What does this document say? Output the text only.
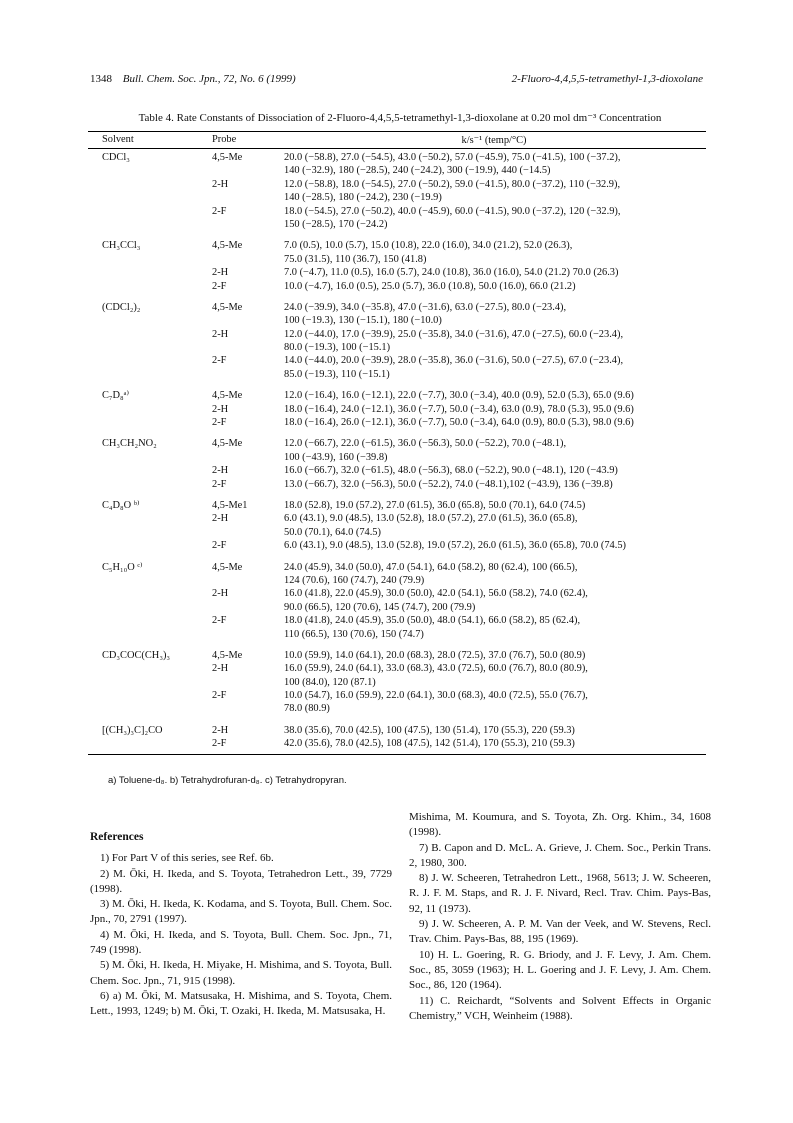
1348 Bull. Chem. Soc. Jpn., 72, No. 6 (1999)	2-Fluoro-4,4,5,5-tetramethyl-1,3-dioxolane
Table 4. Rate Constants of Dissociation of 2-Fluoro-4,4,5,5-tetramethyl-1,3-dioxolane at 0.20 mol dm⁻³ Concentration
Solvent	Probe	k/s⁻¹ (temp/°C)
CDCl₃	4,5-Me	20.0 (−58.8), 27.0 (−54.5), 43.0 (−50.2), 57.0 (−45.9), 75.0 (−41.5), 100 (−37.2),
140 (−32.9), 180 (−28.5), 240 (−24.2), 300 (−19.9), 440 (−14.5)
2-H	12.0 (−58.8), 18.0 (−54.5), 27.0 (−50.2), 59.0 (−41.5), 80.0 (−37.2), 110 (−32.9),
140 (−28.5), 180 (−24.2), 230 (−19.9)
2-F	18.0 (−54.5), 27.0 (−50.2), 40.0 (−45.9), 60.0 (−41.5), 90.0 (−37.2), 120 (−32.9),
150 (−28.5), 170 (−24.2)
CH₃CCl₃	4,5-Me	7.0 (0.5), 10.0 (5.7), 15.0 (10.8), 22.0 (16.0), 34.0 (21.2), 52.0 (26.3),
75.0 (31.5), 110 (36.7), 150 (41.8)
2-H	7.0 (−4.7), 11.0 (0.5), 16.0 (5.7), 24.0 (10.8), 36.0 (16.0), 54.0 (21.2) 70.0 (26.3)
2-F	10.0 (−4.7), 16.0 (0.5), 25.0 (5.7), 36.0 (10.8), 50.0 (16.0), 66.0 (21.2)
(CDCl₂)₂	4,5-Me	24.0 (−39.9), 34.0 (−35.8), 47.0 (−31.6), 63.0 (−27.5), 80.0 (−23.4),
100 (−19.3), 130 (−15.1), 180 (−10.0)
2-H	12.0 (−44.0), 17.0 (−39.9), 25.0 (−35.8), 34.0 (−31.6), 47.0 (−27.5), 60.0 (−23.4),
80.0 (−19.3), 100 (−15.1)
2-F	14.0 (−44.0), 20.0 (−39.9), 28.0 (−35.8), 36.0 (−31.6), 50.0 (−27.5), 67.0 (−23.4),
85.0 (−19.3), 110 (−15.1)
C₇D₈ᵃ⁾	4,5-Me	12.0 (−16.4), 16.0 (−12.1), 22.0 (−7.7), 30.0 (−3.4), 40.0 (0.9), 52.0 (5.3), 65.0 (9.6)
2-H	18.0 (−16.4), 24.0 (−12.1), 36.0 (−7.7), 50.0 (−3.4), 63.0 (0.9), 78.0 (5.3), 95.0 (9.6)
2-F	18.0 (−16.4), 26.0 (−12.1), 36.0 (−7.7), 50.0 (−3.4), 64.0 (0.9), 80.0 (5.3), 98.0 (9.6)
CH₃CH₂NO₂	4,5-Me	12.0 (−66.7), 22.0 (−61.5), 36.0 (−56.3), 50.0 (−52.2), 70.0 (−48.1),
100 (−43.9), 160 (−39.8)
2-H	16.0 (−66.7), 32.0 (−61.5), 48.0 (−56.3), 68.0 (−52.2), 90.0 (−48.1), 120 (−43.9)
2-F	13.0 (−66.7), 32.0 (−56.3), 50.0 (−52.2), 74.0 (−48.1),102 (−43.9), 136 (−39.8)
C₄D₈O ᵇ⁾	4,5-Me1	18.0 (52.8), 19.0 (57.2), 27.0 (61.5), 36.0 (65.8), 50.0 (70.1), 64.0 (74.5)
2-H	6.0 (43.1), 9.0 (48.5), 13.0 (52.8), 18.0 (57.2), 27.0 (61.5), 36.0 (65.8),
50.0 (70.1), 64.0 (74.5)
2-F	6.0 (43.1), 9.0 (48.5), 13.0 (52.8), 19.0 (57.2), 26.0 (61.5), 36.0 (65.8), 70.0 (74.5)
C₅H₁₀O ᶜ⁾	4,5-Me	24.0 (45.9), 34.0 (50.0), 47.0 (54.1), 64.0 (58.2), 80 (62.4), 100 (66.5),
124 (70.6), 160 (74.7), 240 (79.9)
2-H	16.0 (41.8), 22.0 (45.9), 30.0 (50.0), 42.0 (54.1), 56.0 (58.2), 74.0 (62.4),
90.0 (66.5), 120 (70.6), 145 (74.7), 200 (79.9)
2-F	18.0 (41.8), 24.0 (45.9), 35.0 (50.0), 48.0 (54.1), 66.0 (58.2), 85 (62.4),
110 (66.5), 130 (70.6), 150 (74.7)
CD₃COC(CH₃)₃	4,5-Me	10.0 (59.9), 14.0 (64.1), 20.0 (68.3), 28.0 (72.5), 37.0 (76.7), 50.0 (80.9)
2-H	16.0 (59.9), 24.0 (64.1), 33.0 (68.3), 43.0 (72.5), 60.0 (76.7), 80.0 (80.9),
100 (84.0), 120 (87.1)
2-F	10.0 (54.7), 16.0 (59.9), 22.0 (64.1), 30.0 (68.3), 40.0 (72.5), 55.0 (76.7),
78.0 (80.9)
[(CH₃)₃C]₂CO	2-H	38.0 (35.6), 70.0 (42.5), 100 (47.5), 130 (51.4), 170 (55.3), 220 (59.3)
2-F	42.0 (35.6), 78.0 (42.5), 108 (47.5), 142 (51.4), 170 (55.3), 210 (59.3)
a) Toluene-d₈. b) Tetrahydrofuran-d₈. c) Tetrahydropyran.
References

1) For Part V of this series, see Ref. 6b.

2) M. Ōki, H. Ikeda, and S. Toyota, Tetrahedron Lett., 39, 7729 (1998).

3) M. Ōki, H. Ikeda, K. Kodama, and S. Toyota, Bull. Chem. Soc. Jpn., 70, 2791 (1997).

4) M. Ōki, H. Ikeda, and S. Toyota, Bull. Chem. Soc. Jpn., 71, 749 (1998).

5) M. Ōki, H. Ikeda, H. Miyake, H. Mishima, and S. Toyota, Bull. Chem. Soc. Jpn., 71, 915 (1998).

6) a) M. Ōki, M. Matsusaka, H. Mishima, and S. Toyota, Chem. Lett., 1993, 1249; b) M. Ōki, T. Ozaki, H. Ikeda, M. Matsusaka, H.

Mishima, M. Koumura, and S. Toyota, Zh. Org. Khim., 34, 1608 (1998).

7) B. Capon and D. McL. A. Grieve, J. Chem. Soc., Perkin Trans. 2, 1980, 300.

8) J. W. Scheeren, Tetrahedron Lett., 1968, 5613; J. W. Scheeren, R. J. F. M. Staps, and R. J. F. Nivard, Recl. Trav. Chim. Pays-Bas, 92, 11 (1973).

9) J. W. Scheeren, A. P. M. Van der Veek, and W. Stevens, Recl. Trav. Chim. Pays-Bas, 88, 195 (1969).

10) H. L. Goering, R. G. Briody, and J. F. Levy, J. Am. Chem. Soc., 85, 3059 (1963); H. L. Goering and J. F. Levy, J. Am. Chem. Soc., 86, 120 (1964).

11) C. Reichardt, “Solvents and Solvent Effects in Organic Chemistry,” VCH, Weinheim (1988).
